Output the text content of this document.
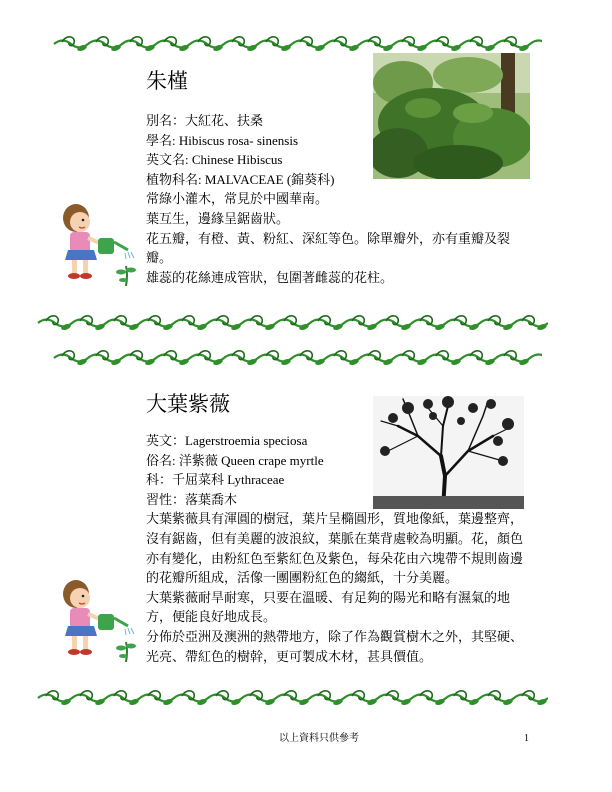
朱槿

別名：大紅花、扶桑

學名: Hibiscus rosa- sinensis

英文名: Chinese Hibiscus

植物科名: MALVACEAE (錦葵科)

常綠小灌木，常見於中國華南。

葉互生，邊緣呈鋸齒狀。

花五瓣，有橙、黃、粉紅、深紅等色。除單瓣外，亦有重瓣及裂瓣。

雄蕊的花絲連成管狀，包圍著雌蕊的花柱。

大葉紫薇

英文：Lagerstroemia speciosa

俗名: 洋紫薇 Queen crape myrtle

科：千屈菜科 Lythraceae

習性：落葉喬木

大葉紫薇具有渾圓的樹冠，葉片呈橢圓形，質地像紙，葉邊整齊，沒有鋸齒，但有美麗的波浪紋，葉脈在葉背處較為明顯。花，顏色亦有變化，由粉紅色至紫紅色及紫色，每朵花由六塊帶不規則齒邊的花瓣所組成，活像一團團粉紅色的縐紙，十分美麗。

大葉紫薇耐旱耐寒，只要在溫暖、有足夠的陽光和略有濕氣的地方，便能良好地成長。

分佈於亞洲及澳洲的熱帶地方，除了作為觀賞樹木之外，其堅硬、光亮、帶紅色的樹幹，更可製成木材，甚具價值。

以上資料只供參考	1
